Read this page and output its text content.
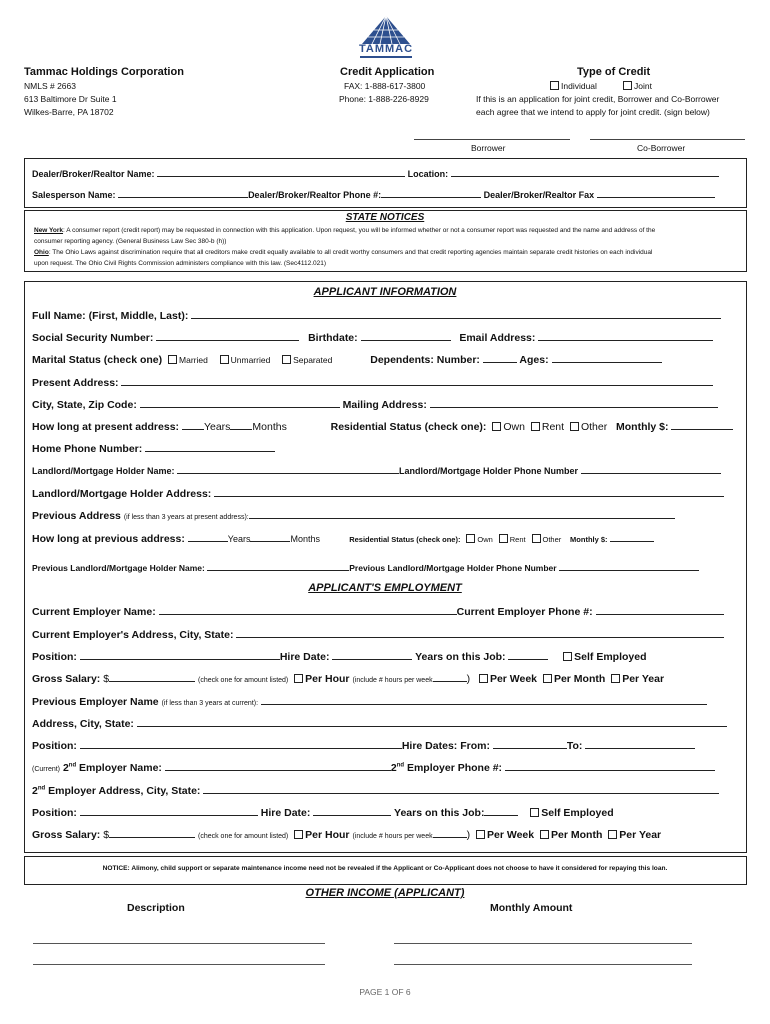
TAMMAC
Tammac Holdings Corporation
NMLS # 2663
613 Baltimore Dr Suite 1
Wilkes-Barre, PA 18702
Credit Application
FAX: 1-888-617-3800
Phone: 1-888-226-8929
Type of Credit
Individual	Joint
If this is an application for joint credit, Borrower and Co-Borrower
each agree that we intend to apply for joint credit. (sign below)
Borrower	Co-Borrower
Dealer/Broker/Realtor Name:	Location:
Salesperson Name:	Dealer/Broker/Realtor Phone #:	Dealer/Broker/Realtor Fax
STATE NOTICES
New York: A consumer report (credit report) may be requested in connection with this application. Upon request, you will be informed whether or not a consumer report was requested and the name and address of the
consumer reporting agency. (General Business Law Sec 380-b (h))
Ohio: The Ohio Laws against discrimination require that all creditors make credit equally available to all credit worthy consumers and that credit reporting agencies maintain separate credit histories on each individual
upon request. The Ohio Civil Rights Commission administers compliance with this law. (Sec4112.021)
APPLICANT INFORMATION
Full Name: (First, Middle, Last):
Social Security Number:	Birthdate:	Email Address:
Marital Status (check one) Married	Unmarried	Separated	Dependents: Number:	Ages:
Present Address:
City, State, Zip Code:	Mailing Address:
How long at present address: Years Months	Residential Status (check one): Own Rent Other Monthly $:
Home Phone Number:
Landlord/Mortgage Holder Name:	Landlord/Mortgage Holder Phone Number
Landlord/Mortgage Holder Address:
Previous Address (if less than 3 years at present address):
How long at previous address:	Years	Months	Residential Status (check one): Own Rent Other Monthly $:
Previous Landlord/Mortgage Holder Name:	Previous Landlord/Mortgage Holder Phone Number
APPLICANT'S EMPLOYMENT
Current Employer Name:	Current Employer Phone #:
Current Employer's Address, City, State:
Position:	Hire Date:	Years on this Job:	Self Employed
Gross Salary: $	(check one for amount listed) Per Hour (include # hours per week	) Per Week Per Month Per Year
Previous Employer Name (if less than 3 years at current):
Address, City, State:
Position:	Hire Dates: From:	To:
(Current) 2nd Employer Name:	2nd Employer Phone #:
2nd Employer Address, City, State:
Position:	Hire Date:	Years on this Job:	Self Employed
Gross Salary: $	(check one for amount listed) Per Hour (include # hours per week	) Per Week Per Month Per Year
NOTICE: Alimony, child support or separate maintenance income need not be revealed if the Applicant or Co-Applicant does not choose to have it considered for repaying this loan.
OTHER INCOME (APPLICANT)
Description	Monthly Amount
PAGE 1 OF 6
